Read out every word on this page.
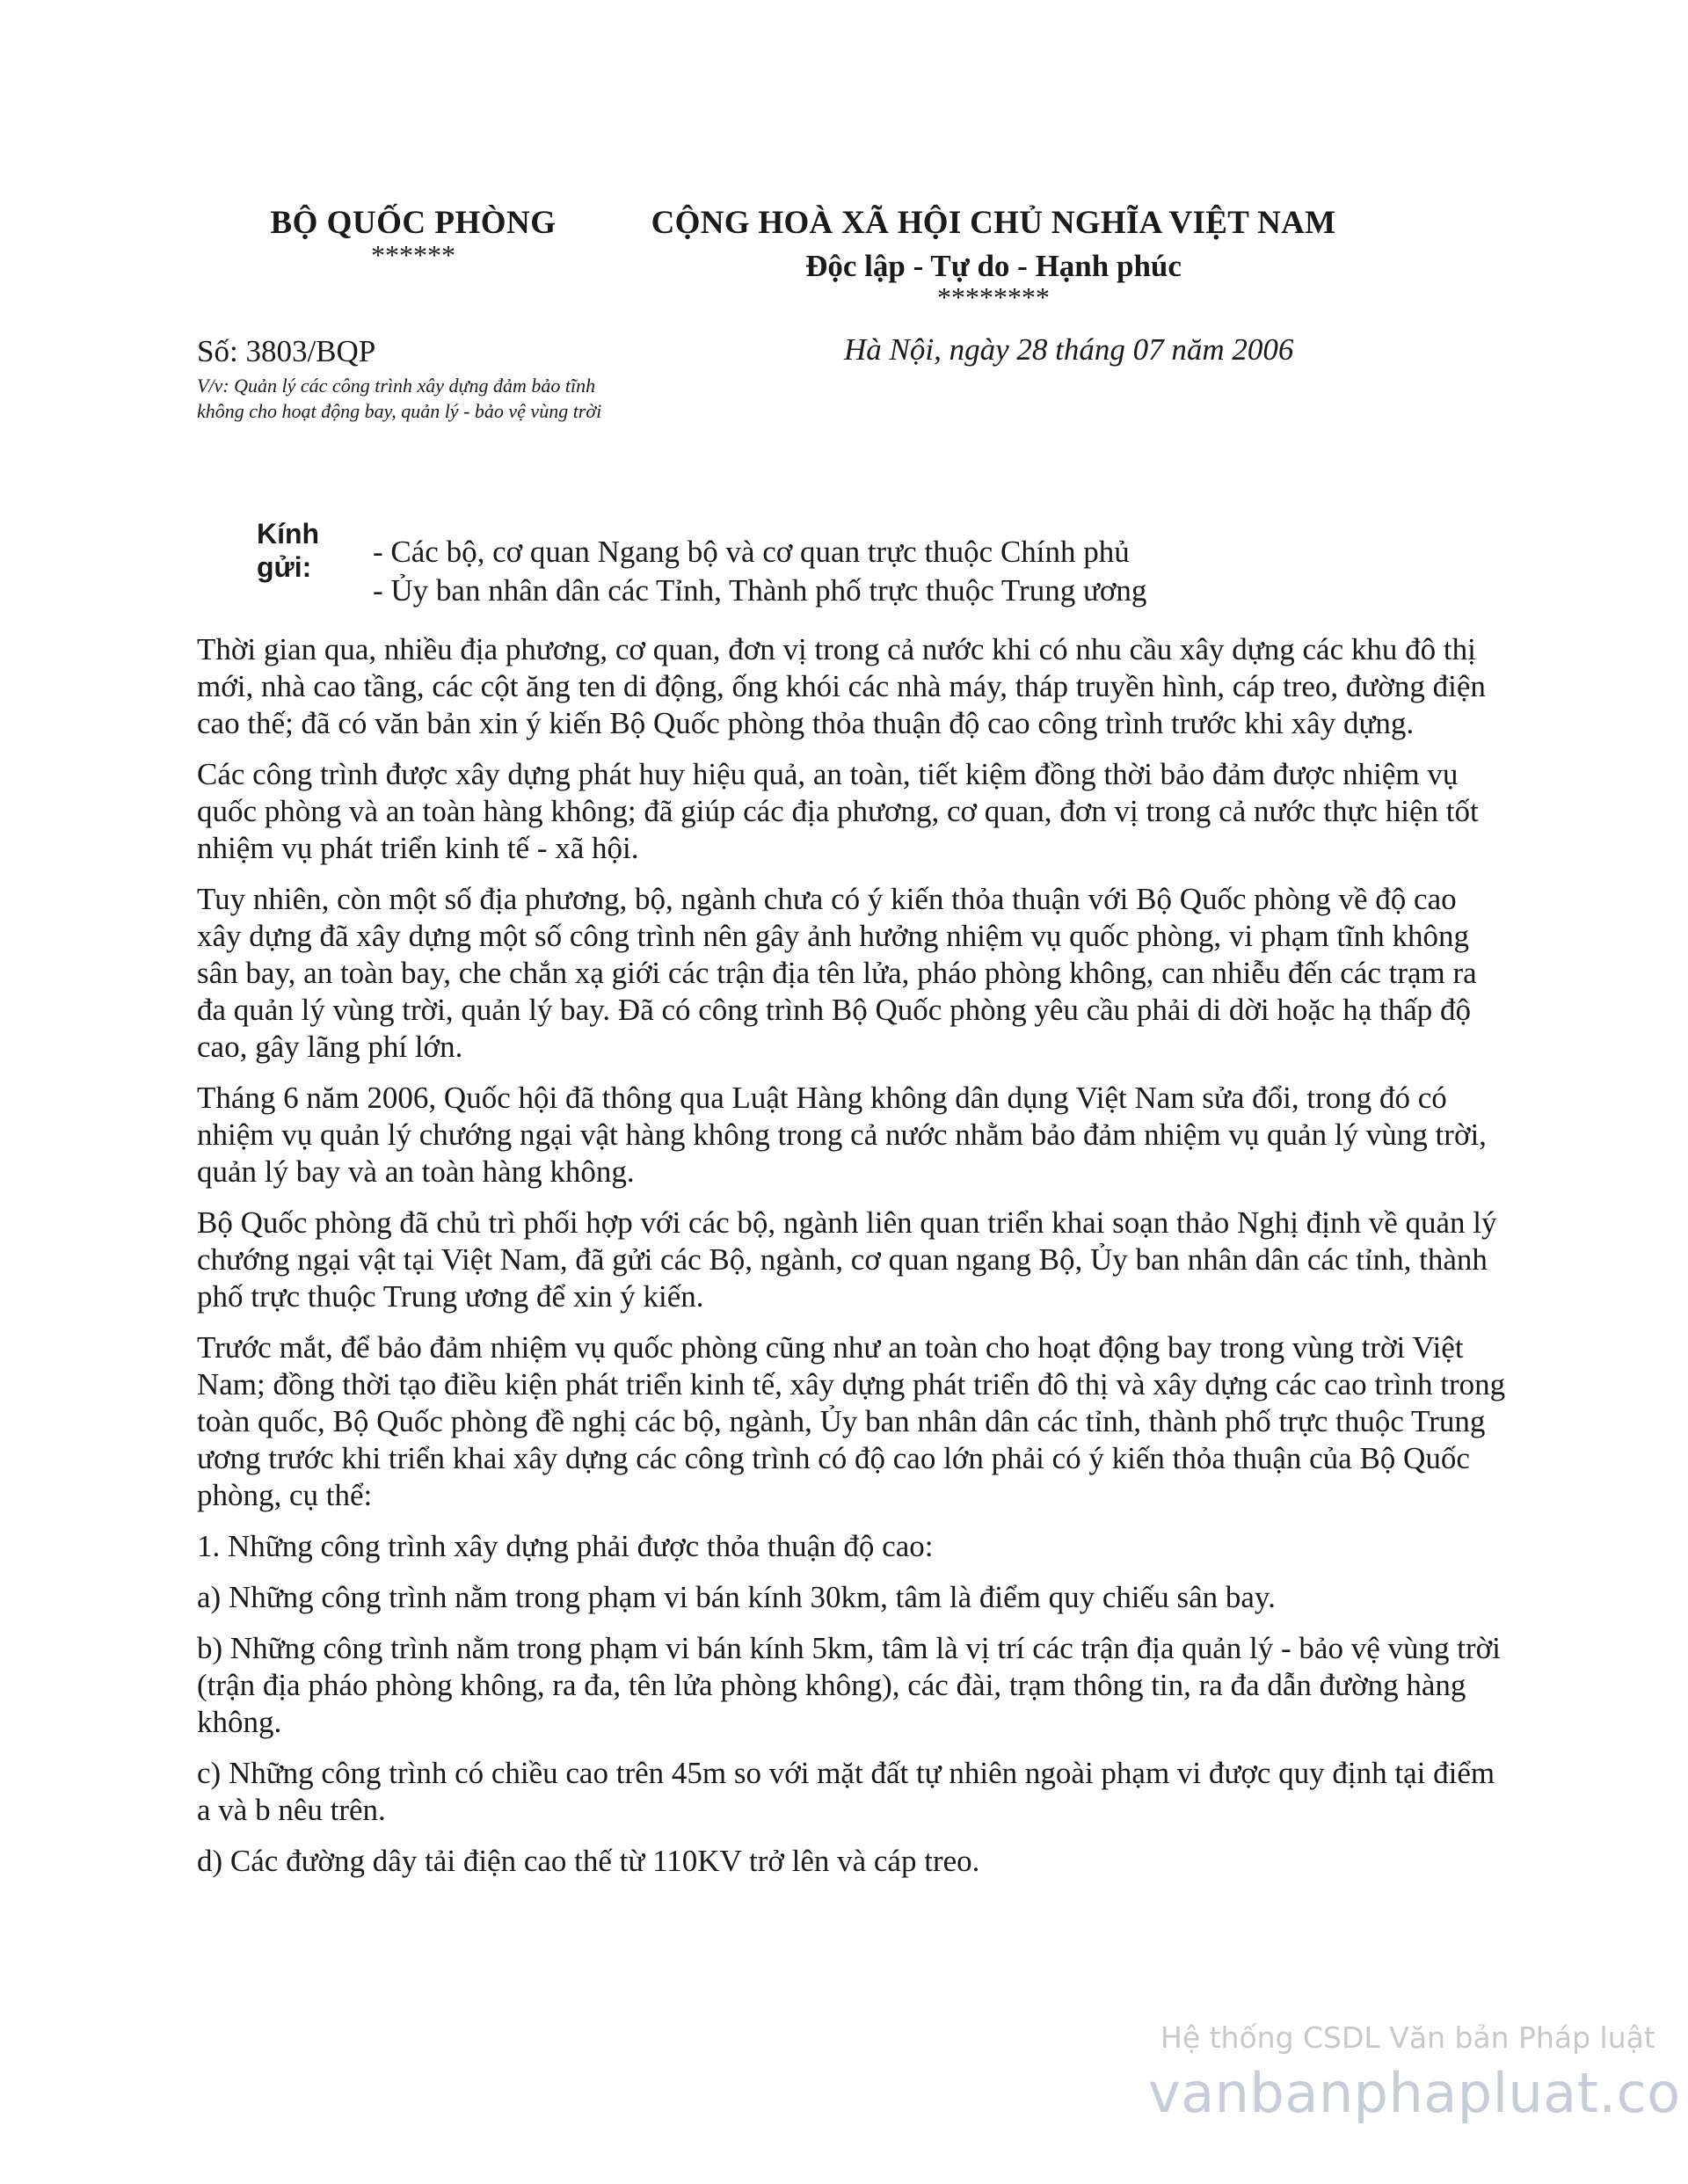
BỘ QUỐC PHÒNG
******
CỘNG HOÀ XÃ HỘI CHỦ NGHĨA VIỆT NAM
Độc lập - Tự do - Hạnh phúc
********
Số: 3803/BQP	Hà Nội, ngày 28 tháng 07 năm 2006
V/v: Quản lý các công trình xây dựng đảm bảo tĩnh không cho hoạt động bay, quản lý - bảo vệ vùng trời
Kính
gửi: - Các bộ, cơ quan Ngang bộ và cơ quan trực thuộc Chính phủ
- Ủy ban nhân dân các Tỉnh, Thành phố trực thuộc Trung ương

Thời gian qua, nhiều địa phương, cơ quan, đơn vị trong cả nước khi có nhu cầu xây dựng các khu đô thị mới, nhà cao tầng, các cột ăng ten di động, ống khói các nhà máy, tháp truyền hình, cáp treo, đường điện cao thế; đã có văn bản xin ý kiến Bộ Quốc phòng thỏa thuận độ cao công trình trước khi xây dựng.

Các công trình được xây dựng phát huy hiệu quả, an toàn, tiết kiệm đồng thời bảo đảm được nhiệm vụ quốc phòng và an toàn hàng không; đã giúp các địa phương, cơ quan, đơn vị trong cả nước thực hiện tốt nhiệm vụ phát triển kinh tế - xã hội.

Tuy nhiên, còn một số địa phương, bộ, ngành chưa có ý kiến thỏa thuận với Bộ Quốc phòng về độ cao xây dựng đã xây dựng một số công trình nên gây ảnh hưởng nhiệm vụ quốc phòng, vi phạm tĩnh không sân bay, an toàn bay, che chắn xạ giới các trận địa tên lửa, pháo phòng không, can nhiễu đến các trạm ra đa quản lý vùng trời, quản lý bay. Đã có công trình Bộ Quốc phòng yêu cầu phải di dời hoặc hạ thấp độ cao, gây lãng phí lớn.

Tháng 6 năm 2006, Quốc hội đã thông qua Luật Hàng không dân dụng Việt Nam sửa đổi, trong đó có nhiệm vụ quản lý chướng ngại vật hàng không trong cả nước nhằm bảo đảm nhiệm vụ quản lý vùng trời, quản lý bay và an toàn hàng không.

Bộ Quốc phòng đã chủ trì phối hợp với các bộ, ngành liên quan triển khai soạn thảo Nghị định về quản lý chướng ngại vật tại Việt Nam, đã gửi các Bộ, ngành, cơ quan ngang Bộ, Ủy ban nhân dân các tỉnh, thành phố trực thuộc Trung ương để xin ý kiến.

Trước mắt, để bảo đảm nhiệm vụ quốc phòng cũng như an toàn cho hoạt động bay trong vùng trời Việt Nam; đồng thời tạo điều kiện phát triển kinh tế, xây dựng phát triển đô thị và xây dựng các cao trình trong toàn quốc, Bộ Quốc phòng đề nghị các bộ, ngành, Ủy ban nhân dân các tỉnh, thành phố trực thuộc Trung ương trước khi triển khai xây dựng các công trình có độ cao lớn phải có ý kiến thỏa thuận của Bộ Quốc phòng, cụ thể:

1. Những công trình xây dựng phải được thỏa thuận độ cao:

a) Những công trình nằm trong phạm vi bán kính 30km, tâm là điểm quy chiếu sân bay.

b) Những công trình nằm trong phạm vi bán kính 5km, tâm là vị trí các trận địa quản lý - bảo vệ vùng trời (trận địa pháo phòng không, ra đa, tên lửa phòng không), các đài, trạm thông tin, ra đa dẫn đường hàng không.

c) Những công trình có chiều cao trên 45m so với mặt đất tự nhiên ngoài phạm vi được quy định tại điểm a và b nêu trên.

d) Các đường dây tải điện cao thế từ 110KV trở lên và cáp treo.

Hệ thống CSDL Văn bản Pháp luật
vanbanphapluat.co
